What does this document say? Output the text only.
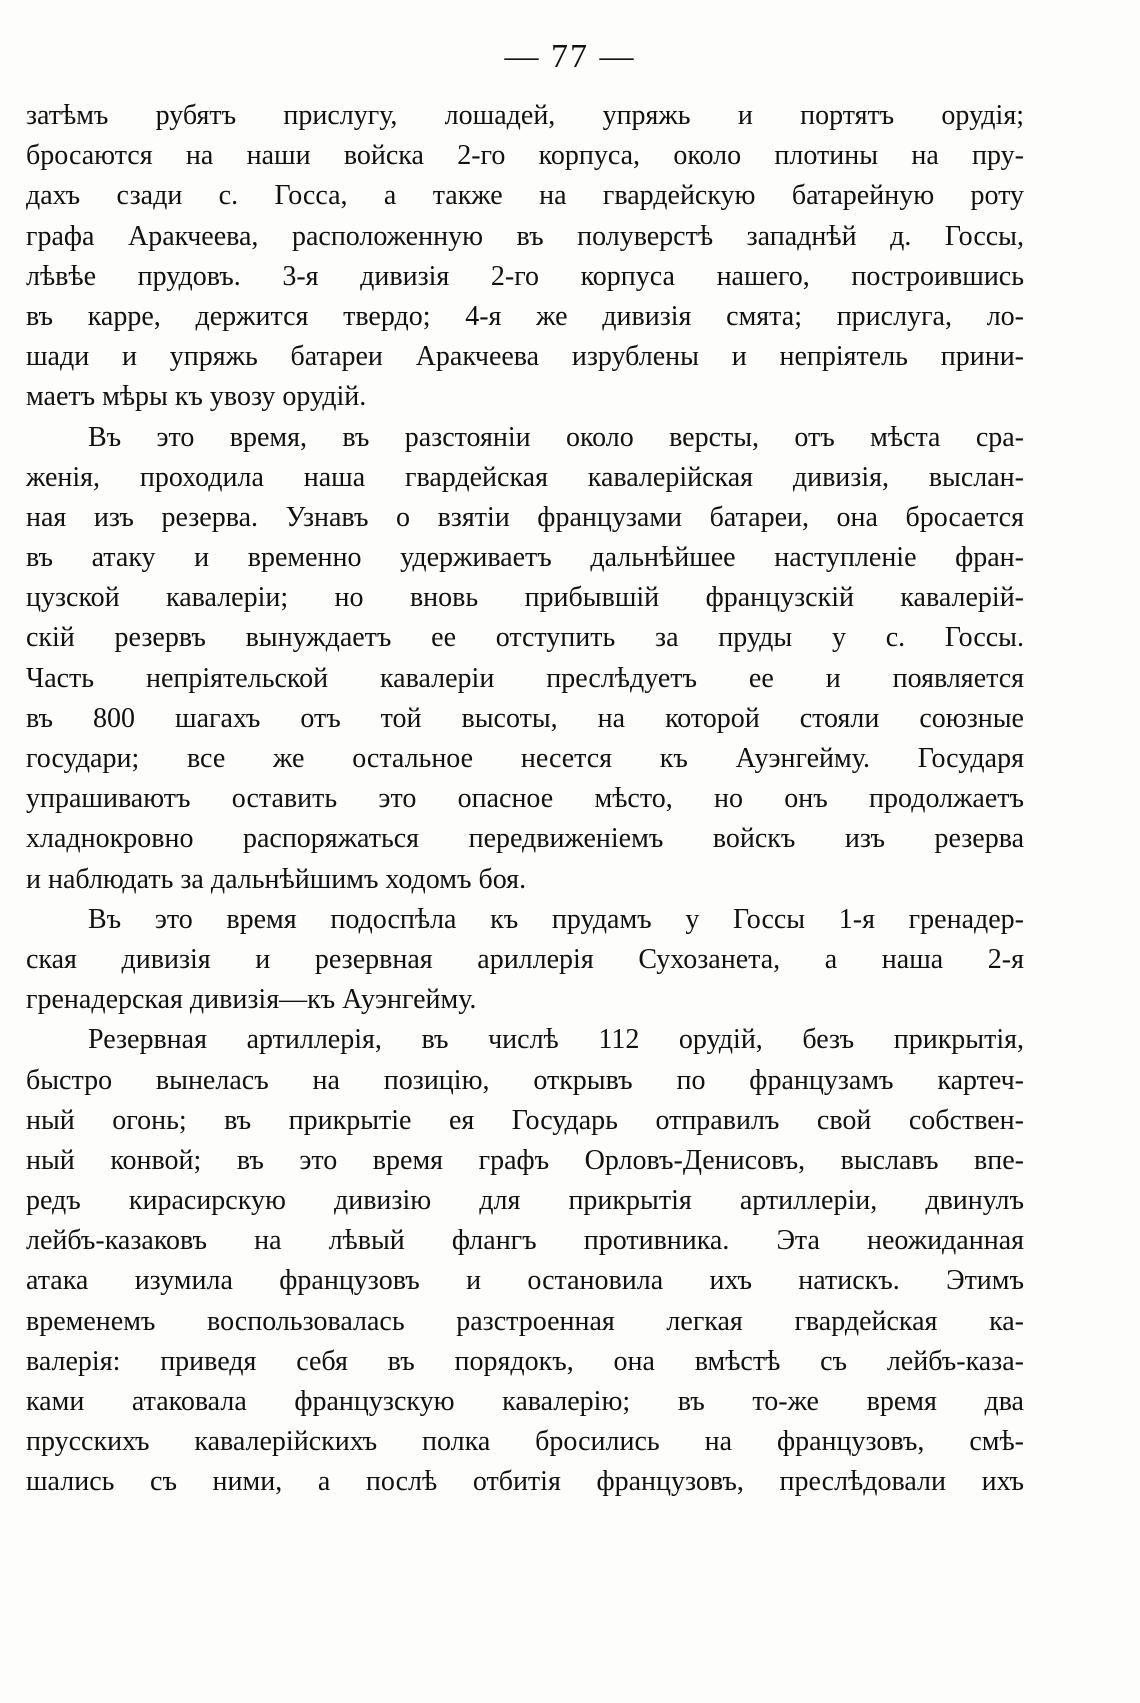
— 77 —
затѣмъ рубятъ прислугу, лошадей, упряжь и портятъ орудія;
бросаются на наши войска 2-го корпуса, около плотины на пру-
дахъ сзади с. Госса, а также на гвардейскую батарейную роту
графа Аракчеева, расположенную въ полуверстѣ западнѣй д. Госсы,
лѣвѣе прудовъ. 3-я дивизія 2-го корпуса нашего, построившись
въ карре, держится твердо; 4-я же дивизія смята; прислуга, ло-
шади и упряжь батареи Аракчеева изрублены и непріятель прини-
маетъ мѣры къ увозу орудій.
Въ это время, въ разстояніи около версты, отъ мѣста сра-
женія, проходила наша гвардейская кавалерійская дивизія, выслан-
ная изъ резерва. Узнавъ о взятіи французами батареи, она бросается
въ атаку и временно удерживаетъ дальнѣйшее наступленіе фран-
цузской кавалеріи; но вновь прибывшій французскій кавалерій-
скій резервъ вынуждаетъ ее отступить за пруды у с. Госсы.
Часть непріятельской кавалеріи преслѣдуетъ ее и появляется
въ 800 шагахъ отъ той высоты, на которой стояли союзные
государи; все же остальное несется къ Ауэнгейму. Государя
упрашиваютъ оставить это опасное мѣсто, но онъ продолжаетъ
хладнокровно распоряжаться передвиженіемъ войскъ изъ резерва
и наблюдать за дальнѣйшимъ ходомъ боя.
Въ это время подоспѣла къ прудамъ у Госсы 1-я гренадер-
ская дивизія и резервная ариллерія Сухозанета, а наша 2-я
гренадерская дивизія—къ Ауэнгейму.
Резервная артиллерія, въ числѣ 112 орудій, безъ прикрытія,
быстро вынеласъ на позицію, открывъ по французамъ картеч-
ный огонь; въ прикрытіе ея Государь отправилъ свой собствен-
ный конвой; въ это время графъ Орловъ-Денисовъ, выславъ впе-
редъ кирасирскую дивизію для прикрытія артиллеріи, двинулъ
лейбъ-казаковъ на лѣвый флангъ противника. Эта неожиданная
атака изумила французовъ и остановила ихъ натискъ. Этимъ
временемъ воспользовалась разстроенная легкая гвардейская ка-
валерія: приведя себя въ порядокъ, она вмѣстѣ съ лейбъ-каза-
ками атаковала французскую кавалерію; въ то-же время два
прусскихъ кавалерійскихъ полка бросились на французовъ, смѣ-
шались съ ними, а послѣ отбитія французовъ, преслѣдовали ихъ
